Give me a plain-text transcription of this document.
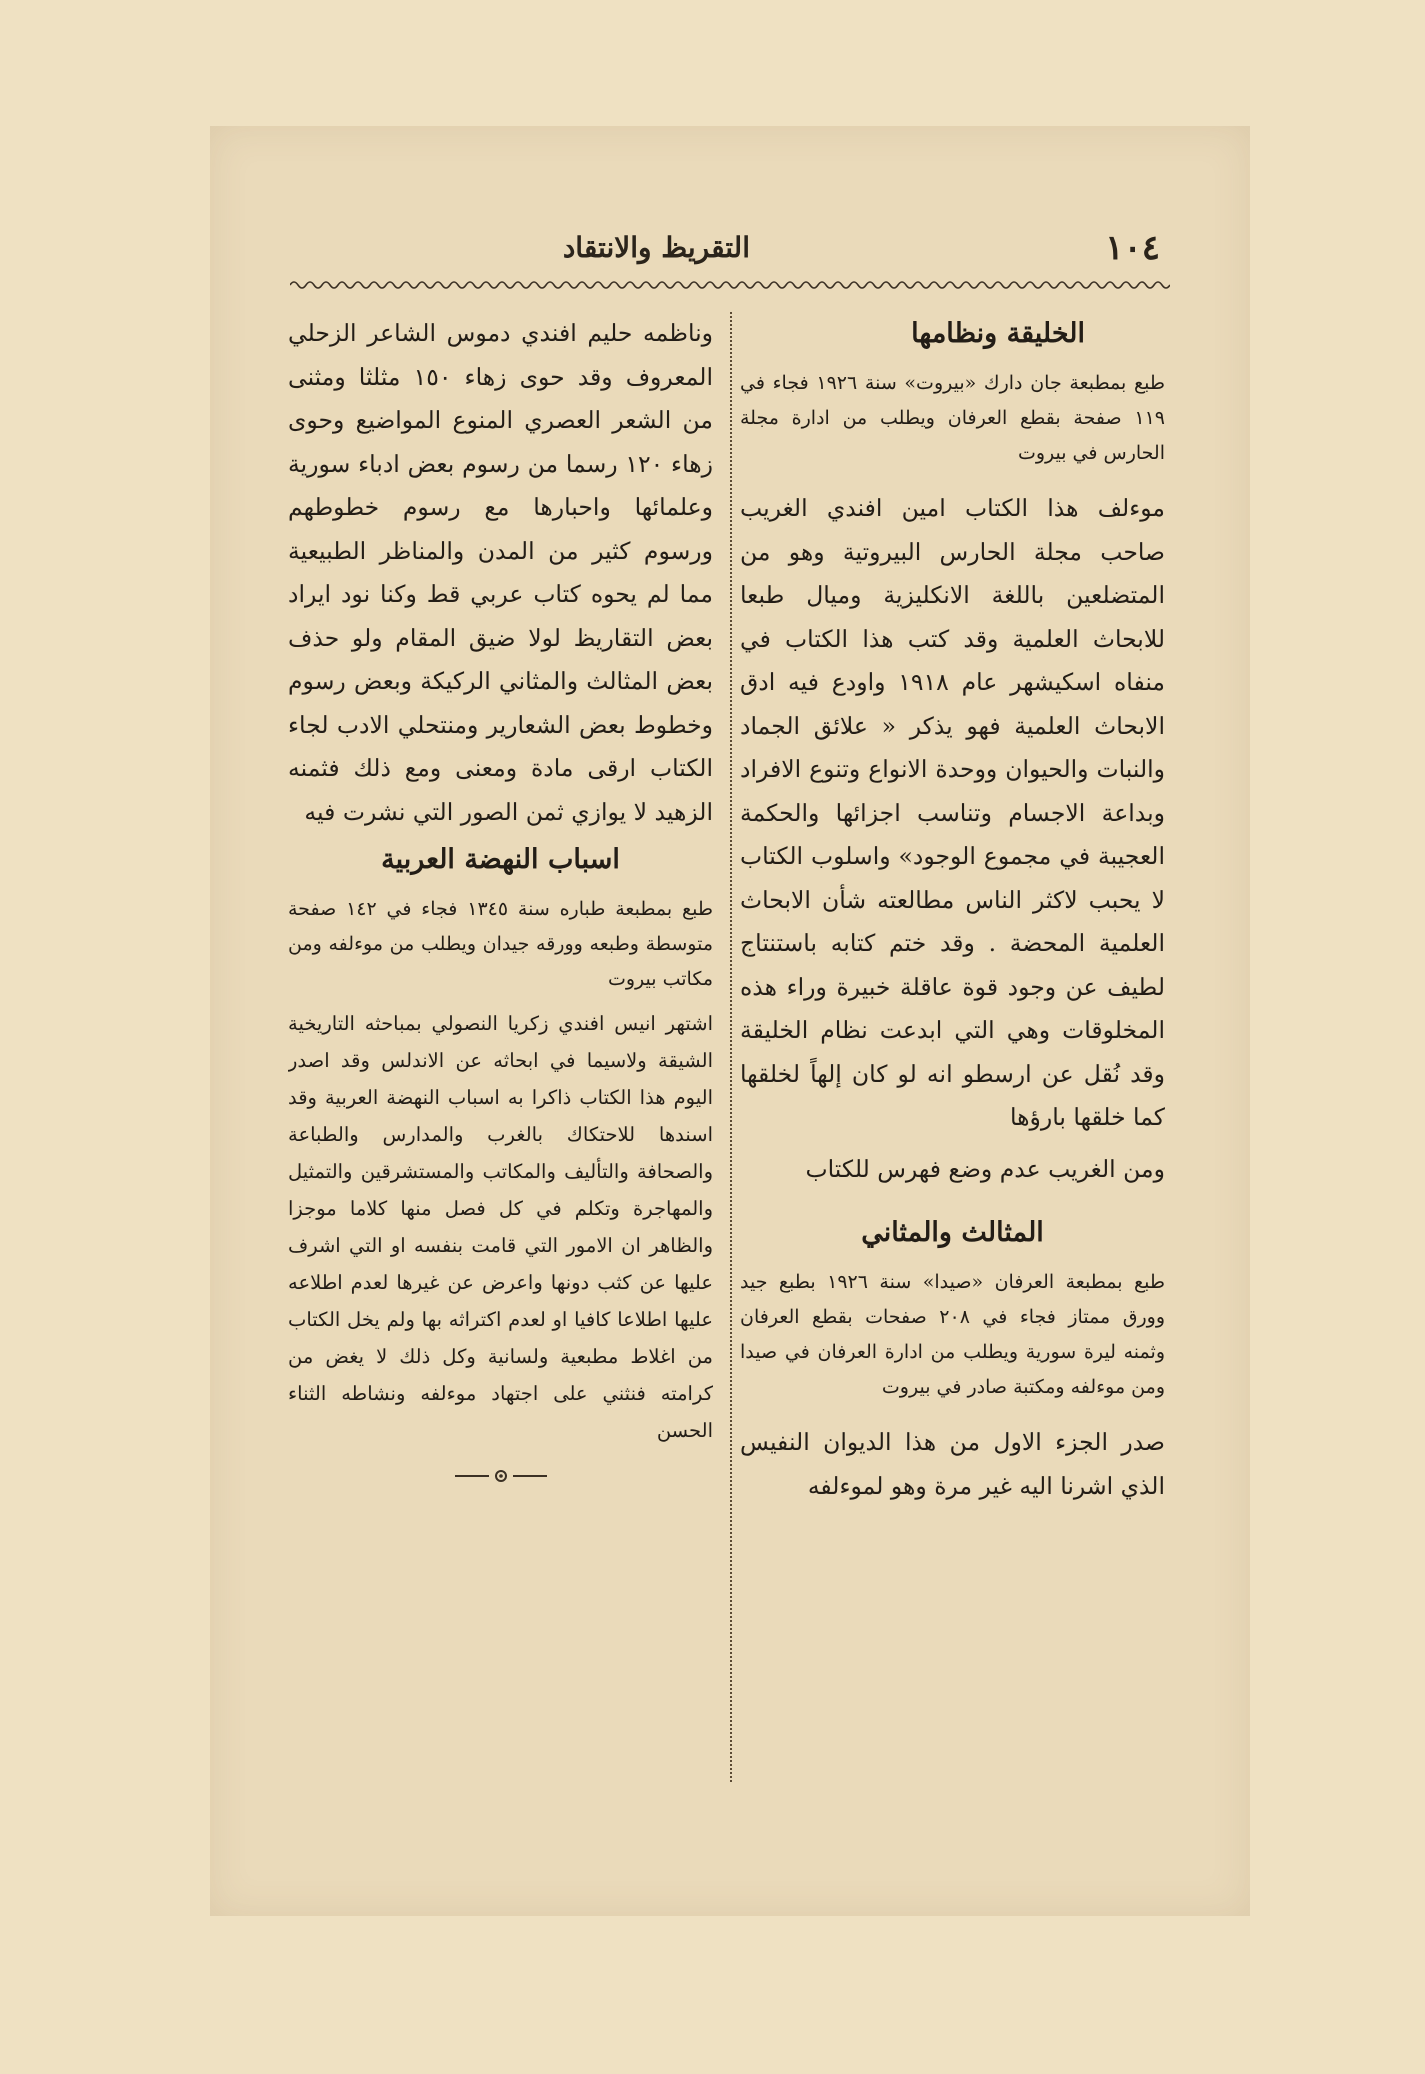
١٠٤
التقريظ والانتقاد
الخليقة ونظامها

طبع بمطبعة جان دارك «بيروت» سنة ١٩٢٦ فجاء في ١١٩ صفحة بقطع العرفان ويطلب من ادارة مجلة الحارس في بيروت

موءلف هذا الكتاب امين افندي الغريب صاحب مجلة الحارس البيروتية وهو من المتضلعين باللغة الانكليزية وميال طبعا للابحاث العلمية وقد كتب هذا الكتاب في منفاه اسكيشهر عام ١٩١٨ واودع فيه ادق الابحاث العلمية فهو يذكر « علائق الجماد والنبات والحيوان ووحدة الانواع وتنوع الافراد وبداعة الاجسام وتناسب اجزائها والحكمة العجيبة في مجموع الوجود» واسلوب الكتاب لا يحبب لاكثر الناس مطالعته شأن الابحاث العلمية المحضة . وقد ختم كتابه باستنتاج لطيف عن وجود قوة عاقلة خبيرة وراء هذه المخلوقات وهي التي ابدعت نظام الخليقة وقد نُقل عن ارسطو انه لو كان إلهاً لخلقها كما خلقها بارؤها

ومن الغريب عدم وضع فهرس للكتاب

المثالث والمثاني

طبع بمطبعة العرفان «صيدا» سنة ١٩٢٦ بطبع جيد وورق ممتاز فجاء في ٢٠٨ صفحات بقطع العرفان وثمنه ليرة سورية ويطلب من ادارة العرفان في صيدا ومن موءلفه ومكتبة صادر في بيروت

صدر الجزء الاول من هذا الديوان النفيس الذي اشرنا اليه غير مرة وهو لموءلفه

وناظمه حليم افندي دموس الشاعر الزحلي المعروف وقد حوى زهاء ١٥٠ مثلثا ومثنى من الشعر العصري المنوع المواضيع وحوى زهاء ١٢٠ رسما من رسوم بعض ادباء سورية وعلمائها واحبارها مع رسوم خطوطهم ورسوم كثير من المدن والمناظر الطبيعية مما لم يحوه كتاب عربي قط وكنا نود ايراد بعض التقاريظ لولا ضيق المقام ولو حذف بعض المثالث والمثاني الركيكة وبعض رسوم وخطوط بعض الشعارير ومنتحلي الادب لجاء الكتاب ارقى مادة ومعنى ومع ذلك فثمنه الزهيد لا يوازي ثمن الصور التي نشرت فيه

اسباب النهضة العربية

طبع بمطبعة طباره سنة ١٣٤٥ فجاء في ١٤٢ صفحة متوسطة وطبعه وورقه جيدان ويطلب من موءلفه ومن مكاتب بيروت

اشتهر انيس افندي زكريا النصولي بمباحثه التاريخية الشيقة ولاسيما في ابحاثه عن الاندلس وقد اصدر اليوم هذا الكتاب ذاكرا به اسباب النهضة العربية وقد اسندها للاحتكاك بالغرب والمدارس والطباعة والصحافة والتأليف والمكاتب والمستشرقين والتمثيل والمهاجرة وتكلم في كل فصل منها كلاما موجزا والظاهر ان الامور التي قامت بنفسه او التي اشرف عليها عن كثب دونها واعرض عن غيرها لعدم اطلاعه عليها اطلاعا كافيا او لعدم اكتراثه بها ولم يخل الكتاب من اغلاط مطبعية ولسانية وكل ذلك لا يغض من كرامته فنثني على اجتهاد موءلفه ونشاطه الثناء الحسن
